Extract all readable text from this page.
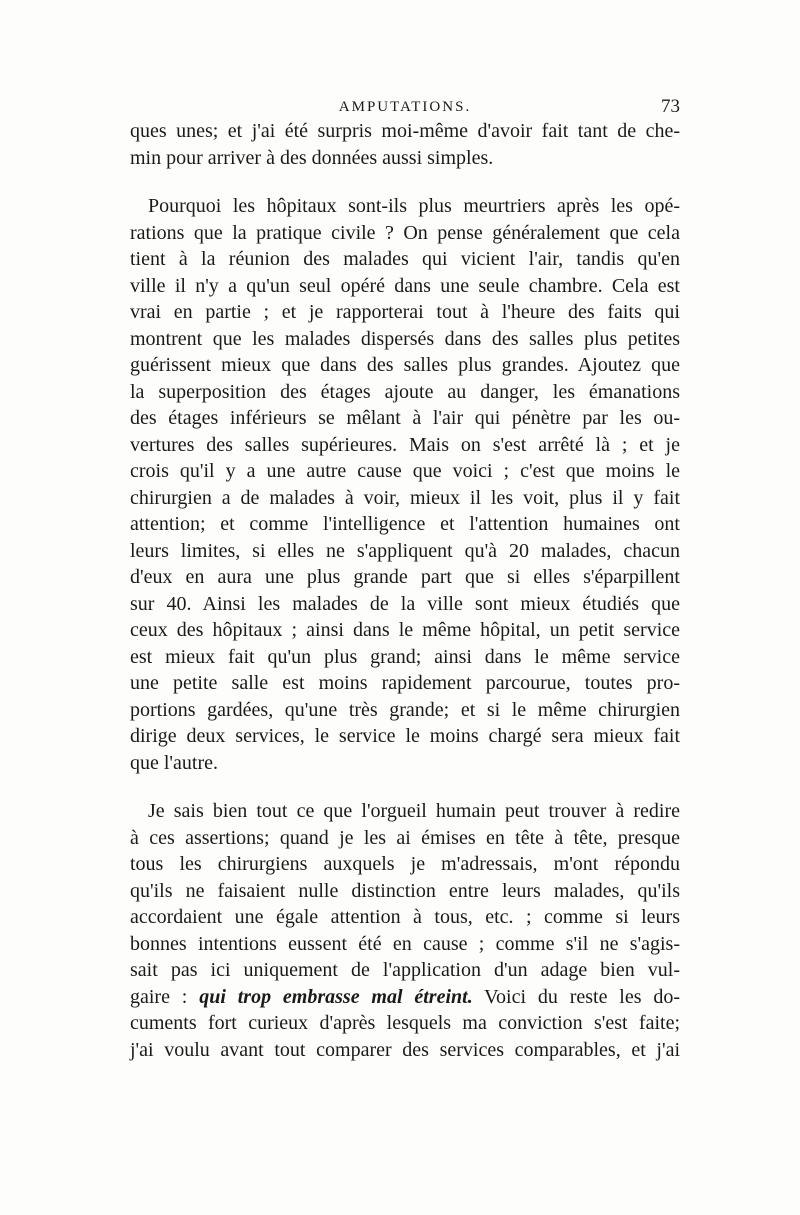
AMPUTATIONS.	73
ques unes; et j'ai été surpris moi-même d'avoir fait tant de che-
min pour arriver à des données aussi simples.
Pourquoi les hôpitaux sont-ils plus meurtriers après les opé-
rations que la pratique civile ? On pense généralement que cela
tient à la réunion des malades qui vicient l'air, tandis qu'en
ville il n'y a qu'un seul opéré dans une seule chambre. Cela est
vrai en partie ; et je rapporterai tout à l'heure des faits qui
montrent que les malades dispersés dans des salles plus petites
guérissent mieux que dans des salles plus grandes. Ajoutez que
la superposition des étages ajoute au danger, les émanations
des étages inférieurs se mêlant à l'air qui pénètre par les ou-
vertures des salles supérieures. Mais on s'est arrêté là ; et je
crois qu'il y a une autre cause que voici ; c'est que moins le
chirurgien a de malades à voir, mieux il les voit, plus il y fait
attention; et comme l'intelligence et l'attention humaines ont
leurs limites, si elles ne s'appliquent qu'à 20 malades, chacun
d'eux en aura une plus grande part que si elles s'éparpillent
sur 40. Ainsi les malades de la ville sont mieux étudiés que
ceux des hôpitaux ; ainsi dans le même hôpital, un petit service
est mieux fait qu'un plus grand; ainsi dans le même service
une petite salle est moins rapidement parcourue, toutes pro-
portions gardées, qu'une très grande; et si le même chirurgien
dirige deux services, le service le moins chargé sera mieux fait
que l'autre.
Je sais bien tout ce que l'orgueil humain peut trouver à redire
à ces assertions; quand je les ai émises en tête à tête, presque
tous les chirurgiens auxquels je m'adressais, m'ont répondu
qu'ils ne faisaient nulle distinction entre leurs malades, qu'ils
accordaient une égale attention à tous, etc. ; comme si leurs
bonnes intentions eussent été en cause ; comme s'il ne s'agis-
sait pas ici uniquement de l'application d'un adage bien vul-
gaire : qui trop embrasse mal étreint. Voici du reste les do-
cuments fort curieux d'après lesquels ma conviction s'est faite;
j'ai voulu avant tout comparer des services comparables, et j'ai
